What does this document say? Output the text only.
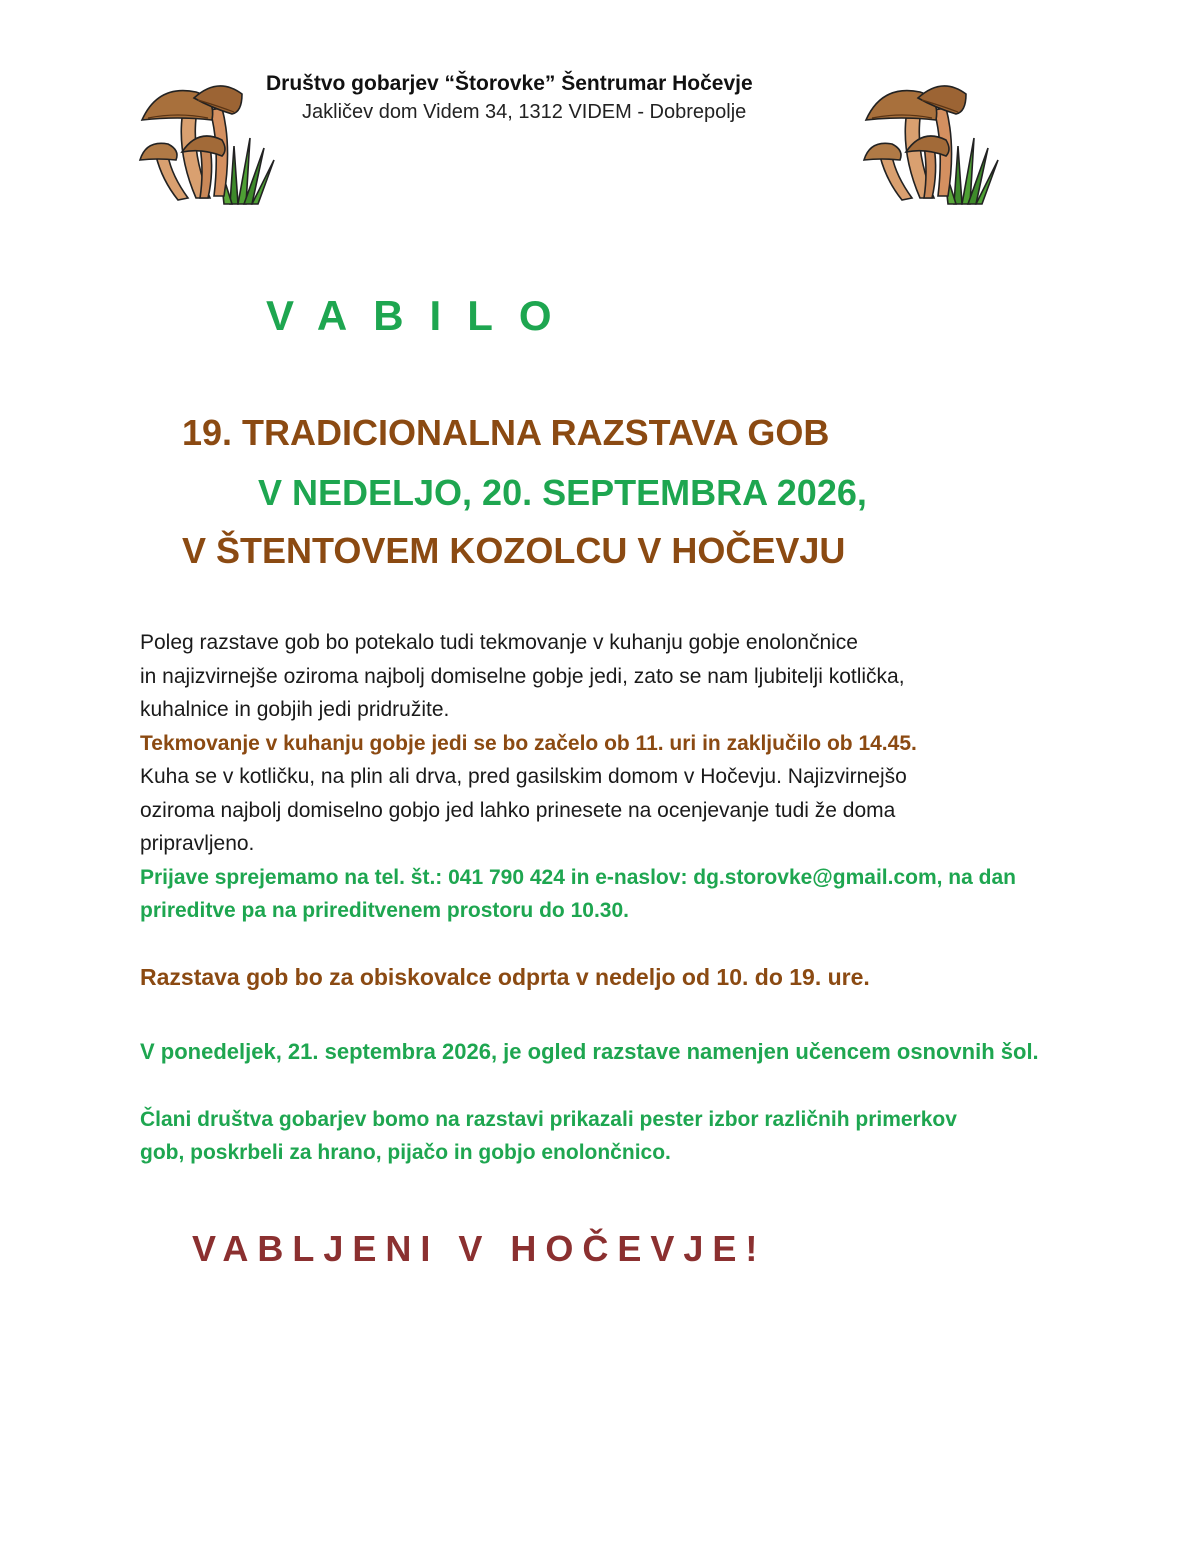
Društvo gobarjev “Štorovke” Šentrumar Hočevje
Jakličev dom Videm 34, 1312 VIDEM - Dobrepolje
VABILO
19. TRADICIONALNA RAZSTAVA GOB
V NEDELJO, 20. SEPTEMBRA 2026,
V ŠTENTOVEM KOZOLCU V HOČEVJU

Poleg razstave gob bo potekalo tudi tekmovanje v kuhanju gobje enolončnice

in najizvirnejše oziroma najbolj domiselne gobje jedi, zato se nam ljubitelji kotlička,

kuhalnice in gobjih jedi pridružite.

Tekmovanje v kuhanju gobje jedi se bo začelo ob 11. uri in zaključilo ob 14.45.

Kuha se v kotličku, na plin ali drva, pred gasilskim domom v Hočevju. Najizvirnejšo

oziroma najbolj domiselno gobjo jed lahko prinesete na ocenjevanje tudi že doma

pripravljeno.

Prijave sprejemamo na tel. št.: 041 790 424 in e-naslov: dg.storovke@gmail.com, na dan

prireditve pa na prireditvenem prostoru do 10.30.

Razstava gob bo za obiskovalce odprta v nedeljo od 10. do 19. ure.
V ponedeljek, 21. septembra 2026, je ogled razstave namenjen učencem osnovnih šol.

Člani društva gobarjev bomo na razstavi prikazali pester izbor različnih primerkov

gob, poskrbeli za hrano, pijačo in gobjo enolončnico.

VABLJENI V HOČEVJE!
